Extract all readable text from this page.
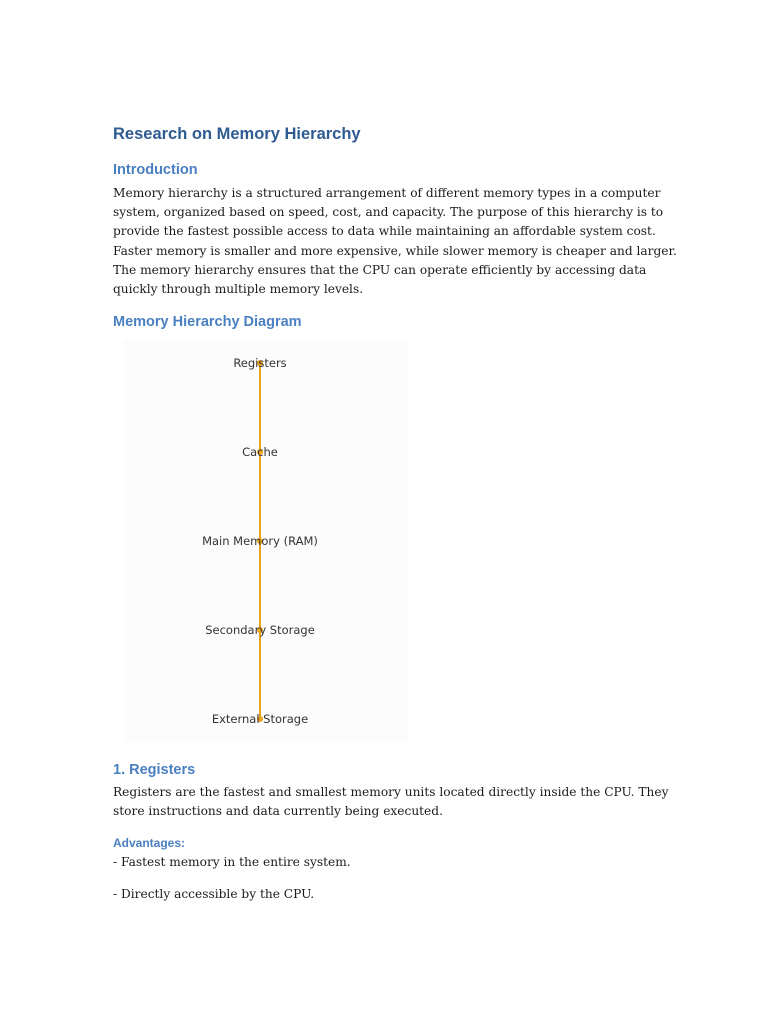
Research on Memory Hierarchy
Introduction
Memory hierarchy is a structured arrangement of different memory types in a computer
system, organized based on speed, cost, and capacity. The purpose of this hierarchy is to
provide the fastest possible access to data while maintaining an affordable system cost.
Faster memory is smaller and more expensive, while slower memory is cheaper and larger.
The memory hierarchy ensures that the CPU can operate efficiently by accessing data
quickly through multiple memory levels.
Memory Hierarchy Diagram
Registers
Cache
Main Memory (RAM)
Secondary Storage
External Storage
1. Registers
Registers are the fastest and smallest memory units located directly inside the CPU. They
store instructions and data currently being executed.
Advantages:
- Fastest memory in the entire system.
- Directly accessible by the CPU.
